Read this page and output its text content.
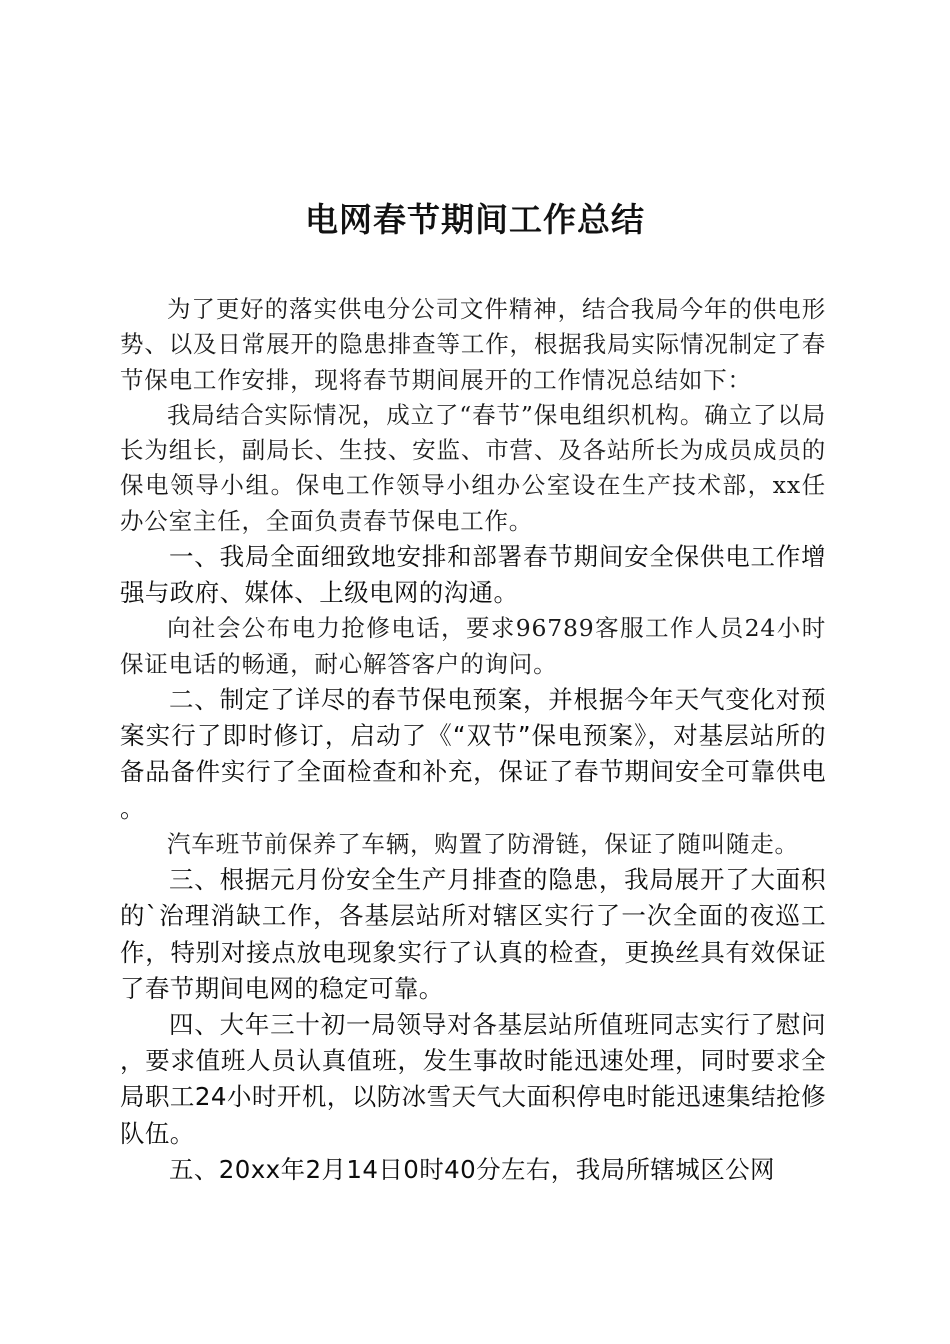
电网春节期间工作总结

为了更好的落实供电分公司文件精神，结合我局今年的供电形势、以及日常展开的隐患排查等工作，根据我局实际情况制定了春节保电工作安排，现将春节期间展开的工作情况总结如下：

我局结合实际情况，成立了“春节”保电组织机构。确立了以局长为组长，副局长、生技、安监、市营、及各站所长为成员成员的保电领导小组。保电工作领导小组办公室设在生产技术部，xx任办公室主任，全面负责春节保电工作。

一、我局全面细致地安排和部署春节期间安全保供电工作增强与政府、媒体、上级电网的沟通。

向社会公布电力抢修电话，要求96789客服工作人员24小时保证电话的畅通，耐心解答客户的询问。

二、制定了详尽的春节保电预案，并根据今年天气变化对预案实行了即时修订，启动了《“双节”保电预案》，对基层站所的备品备件实行了全面检查和补充，保证了春节期间安全可靠供电。

汽车班节前保养了车辆，购置了防滑链，保证了随叫随走。

三、根据元月份安全生产月排查的隐患，我局展开了大面积的`治理消缺工作，各基层站所对辖区实行了一次全面的夜巡工作，特别对接点放电现象实行了认真的检查，更换丝具有效保证了春节期间电网的稳定可靠。

四、大年三十初一局领导对各基层站所值班同志实行了慰问，要求值班人员认真值班，发生事故时能迅速处理，同时要求全局职工24小时开机，以防冰雪天气大面积停电时能迅速集结抢修队伍。

五、20xx年2月14日0时40分左右，我局所辖城区公网
